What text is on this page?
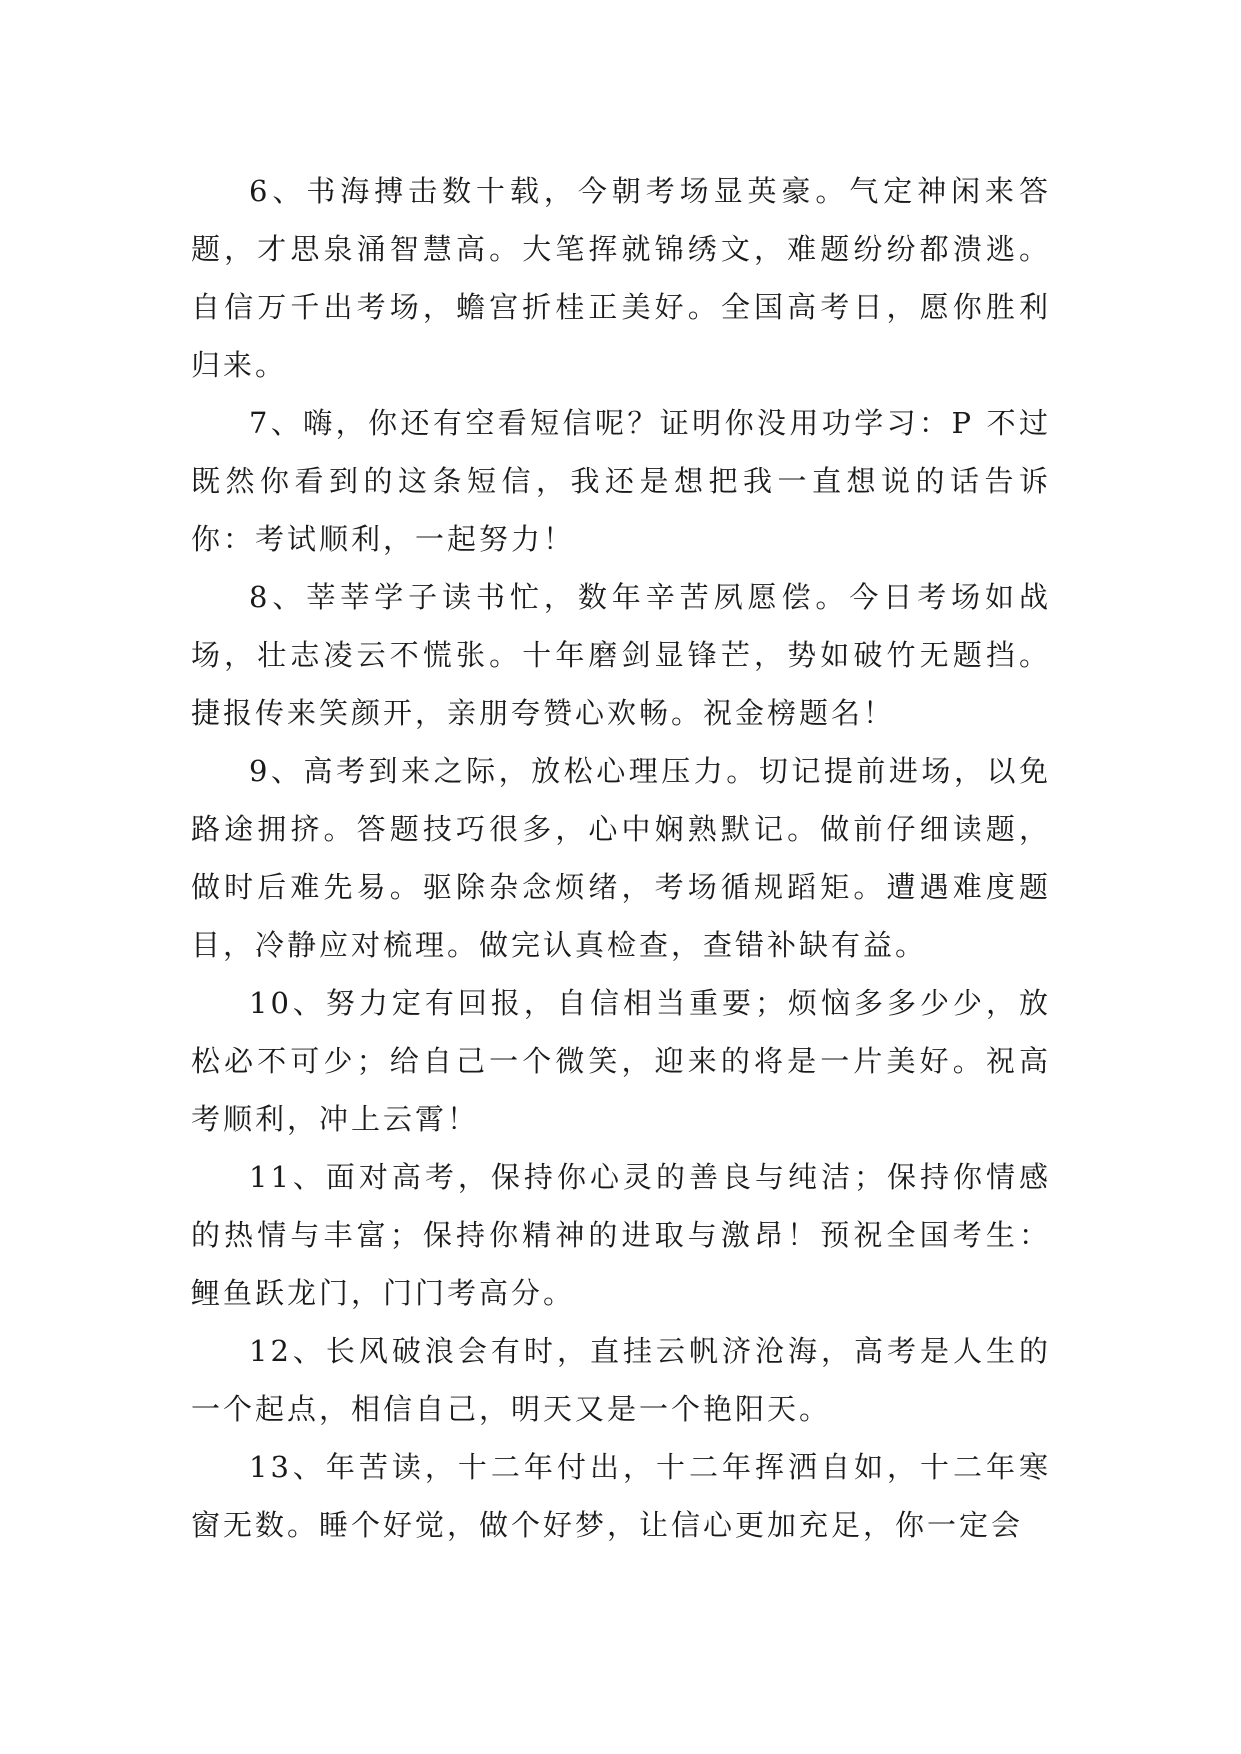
6、书海搏击数十载，今朝考场显英豪。气定神闲来答题，才思泉涌智慧高。大笔挥就锦绣文，难题纷纷都溃逃。自信万千出考场，蟾宫折桂正美好。全国高考日，愿你胜利归来。

7、嗨，你还有空看短信呢？证明你没用功学习：P 不过既然你看到的这条短信，我还是想把我一直想说的话告诉你：考试顺利，一起努力！

8、莘莘学子读书忙，数年辛苦夙愿偿。今日考场如战场，壮志凌云不慌张。十年磨剑显锋芒，势如破竹无题挡。捷报传来笑颜开，亲朋夸赞心欢畅。祝金榜题名！

9、高考到来之际，放松心理压力。切记提前进场，以免路途拥挤。答题技巧很多，心中娴熟默记。做前仔细读题，做时后难先易。驱除杂念烦绪，考场循规蹈矩。遭遇难度题目，冷静应对梳理。做完认真检查，查错补缺有益。

10、努力定有回报，自信相当重要；烦恼多多少少，放松必不可少；给自己一个微笑，迎来的将是一片美好。祝高考顺利，冲上云霄！

11、面对高考，保持你心灵的善良与纯洁；保持你情感的热情与丰富；保持你精神的进取与激昂！预祝全国考生：鲤鱼跃龙门，门门考高分。

12、长风破浪会有时，直挂云帆济沧海，高考是人生的一个起点，相信自己，明天又是一个艳阳天。

13、年苦读，十二年付出，十二年挥洒自如，十二年寒窗无数。睡个好觉，做个好梦，让信心更加充足，你一定会
